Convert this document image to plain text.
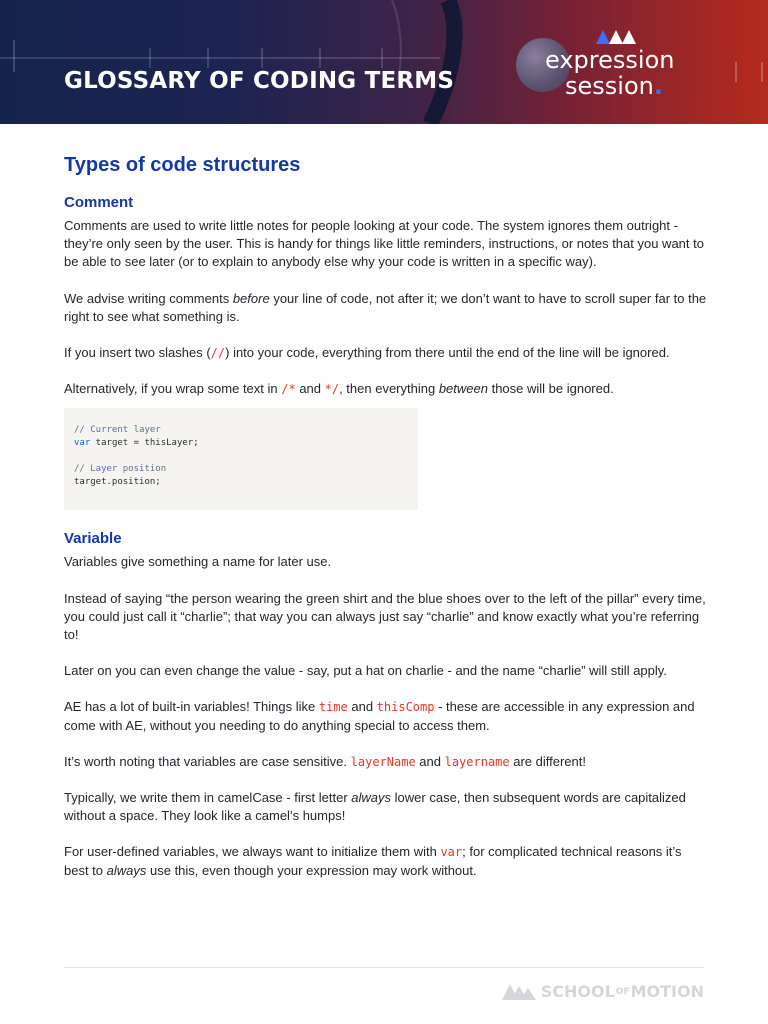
GLOSSARY OF CODING TERMS
expression
session.
Types of code structures
Comment

Comments are used to write little notes for people looking at your code. The system ignores them outright - they’re only seen by the user. This is handy for things like little reminders, instructions, or notes that you want to be able to see later (or to explain to anybody else why your code is written in a specific way).

We advise writing comments before your line of code, not after it; we don’t want to have to scroll super far to the right to see what something is.

If you insert two slashes (//) into your code, everything from there until the end of the line will be ignored.

Alternatively, if you wrap some text in /* and */, then everything between those will be ignored.

// Current layer
var target = thisLayer;

// Layer position
target.position;
Variable

Variables give something a name for later use.

Instead of saying “the person wearing the green shirt and the blue shoes over to the left of the pillar” every time, you could just call it “charlie”; that way you can always just say “charlie” and know exactly what you’re referring to!

Later on you can even change the value - say, put a hat on charlie - and the name “charlie” will still apply.

AE has a lot of built-in variables! Things like time and thisComp - these are accessible in any expression and come with AE, without you needing to do anything special to access them.

It’s worth noting that variables are case sensitive. layerName and layername are different!

Typically, we write them in camelCase - first letter always lower case, then subsequent words are capitalized without a space. They look like a camel’s humps!

For user-defined variables, we always want to initialize them with var; for complicated technical reasons it’s best to always use this, even though your expression may work without.

SCHOOL OF MOTION
